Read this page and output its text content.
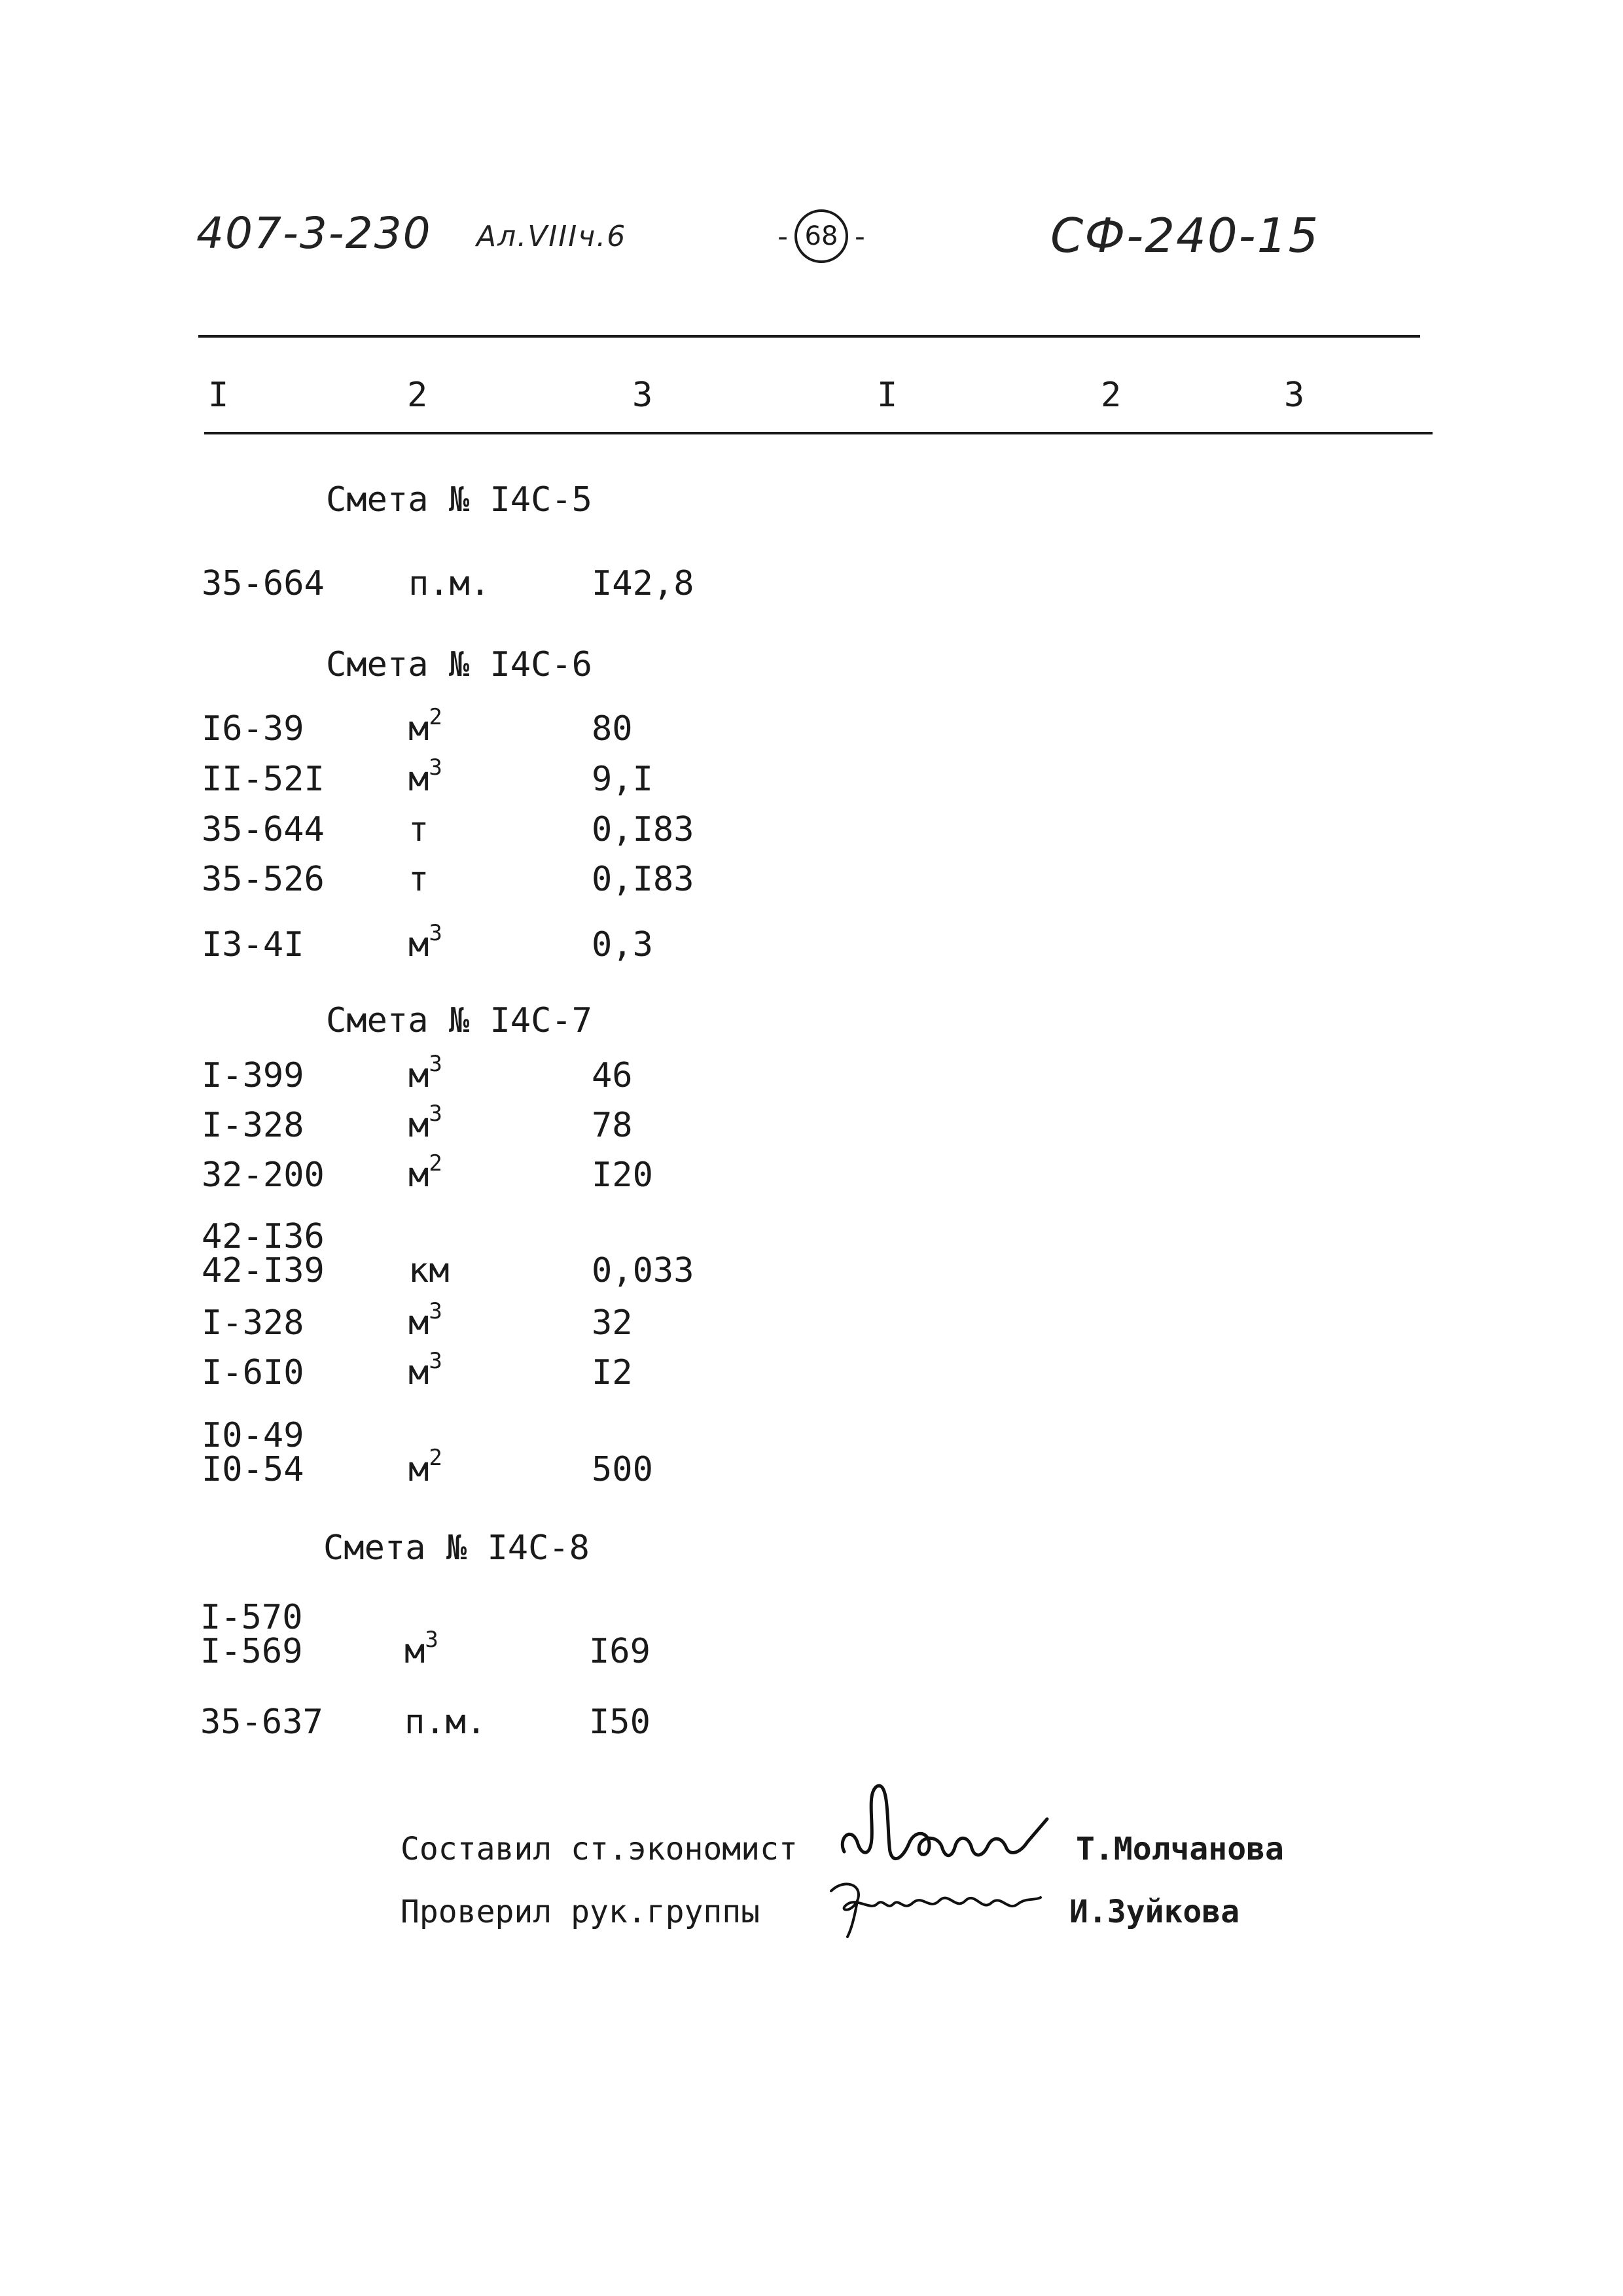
407-3-230 Ал.VIIIч.6	- 68 -	СФ-240-15
I	2	3	I	2	3
Смета № I4С-5
35-664 п.м.	I42,8
Смета № I4С-6
I6-39	$м^2$	80
II-52I $м^3$	9,I
35-644 т	0,I83
35-526 т	0,I83
I3-4I	$м^3$	0,3
Смета № I4С-7
I-399	$м^3$	46
I-328	$м^3$	78
32-200 $м^2$	I20
42-I36
42-I39 км	0,033
I-328	$м^3$	32
I-6I0	$м^3$	I2
I0-49
I0-54	$м^2$	500
Смета № I4С-8
I-570
I-569	$м^3$	I69
35-637 п.м.	I50
Составил ст.экономист	Т.Молчанова
Проверил рук.группы	И.Зуйкова
